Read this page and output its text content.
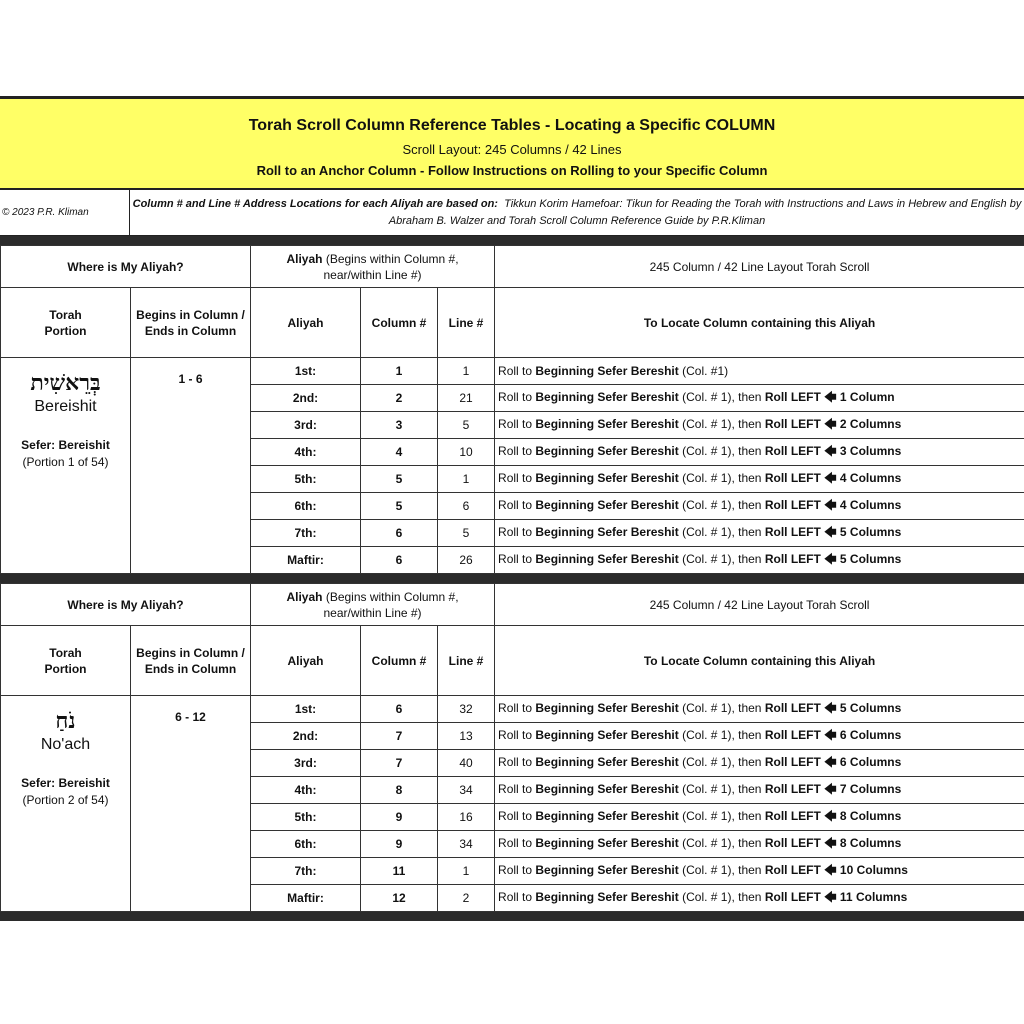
Torah Scroll Column Reference Tables - Locating a Specific COLUMN
Scroll Layout: 245 Columns / 42 Lines
Roll to an Anchor Column - Follow Instructions on Rolling to your Specific Column
© 2023 P.R. Kliman
Column # and Line # Address Locations for each Aliyah are based on: Tikkun Korim Hamefoar: Tikun for Reading the Torah with Instructions and Laws in Hebrew and English by Abraham B. Walzer and Torah Scroll Column Reference Guide by P.R.Kliman
Where is My Aliyah?		Aliyah (Begins within Column #,
near/within Line #)			245 Column / 42 Line Layout Torah Scroll
Torah
Portion	Begins in Column /
Ends in Column	Aliyah	Column #	Line #	To Locate Column containing this Aliyah

בְּרֵאשִׁית
Bereishit
Sefer: Bereishit
(Portion 1 of 54)	1 - 6	1st:	1	1	Roll to Beginning Sefer Bereshit (Col. #1)
		2nd:	2	21	Roll to Beginning Sefer Bereshit (Col. # 1), then Roll LEFT 🡄 1 Column
		3rd:	3	5	Roll to Beginning Sefer Bereshit (Col. # 1), then Roll LEFT 🡄 2 Columns
		4th:	4	10	Roll to Beginning Sefer Bereshit (Col. # 1), then Roll LEFT 🡄 3 Columns
		5th:	5	1	Roll to Beginning Sefer Bereshit (Col. # 1), then Roll LEFT 🡄 4 Columns
		6th:	5	6	Roll to Beginning Sefer Bereshit (Col. # 1), then Roll LEFT 🡄 4 Columns
		7th:	6	5	Roll to Beginning Sefer Bereshit (Col. # 1), then Roll LEFT 🡄 5 Columns
		Maftir:	6	26	Roll to Beginning Sefer Bereshit (Col. # 1), then Roll LEFT 🡄 5 Columns
Where is My Aliyah?		Aliyah (Begins within Column #,
near/within Line #)			245 Column / 42 Line Layout Torah Scroll
Torah
Portion	Begins in Column /
Ends in Column	Aliyah	Column #	Line #	To Locate Column containing this Aliyah

נֹחַ
No'ach
Sefer: Bereishit
(Portion 2 of 54)	6 - 12	1st:	6	32	Roll to Beginning Sefer Bereshit (Col. # 1), then Roll LEFT 🡄 5 Columns
		2nd:	7	13	Roll to Beginning Sefer Bereshit (Col. # 1), then Roll LEFT 🡄 6 Columns
		3rd:	7	40	Roll to Beginning Sefer Bereshit (Col. # 1), then Roll LEFT 🡄 6 Columns
		4th:	8	34	Roll to Beginning Sefer Bereshit (Col. # 1), then Roll LEFT 🡄 7 Columns
		5th:	9	16	Roll to Beginning Sefer Bereshit (Col. # 1), then Roll LEFT 🡄 8 Columns
		6th:	9	34	Roll to Beginning Sefer Bereshit (Col. # 1), then Roll LEFT 🡄 8 Columns
		7th:	11	1	Roll to Beginning Sefer Bereshit (Col. # 1), then Roll LEFT 🡄 10 Columns
		Maftir:	12	2	Roll to Beginning Sefer Bereshit (Col. # 1), then Roll LEFT 🡄 11 Columns
